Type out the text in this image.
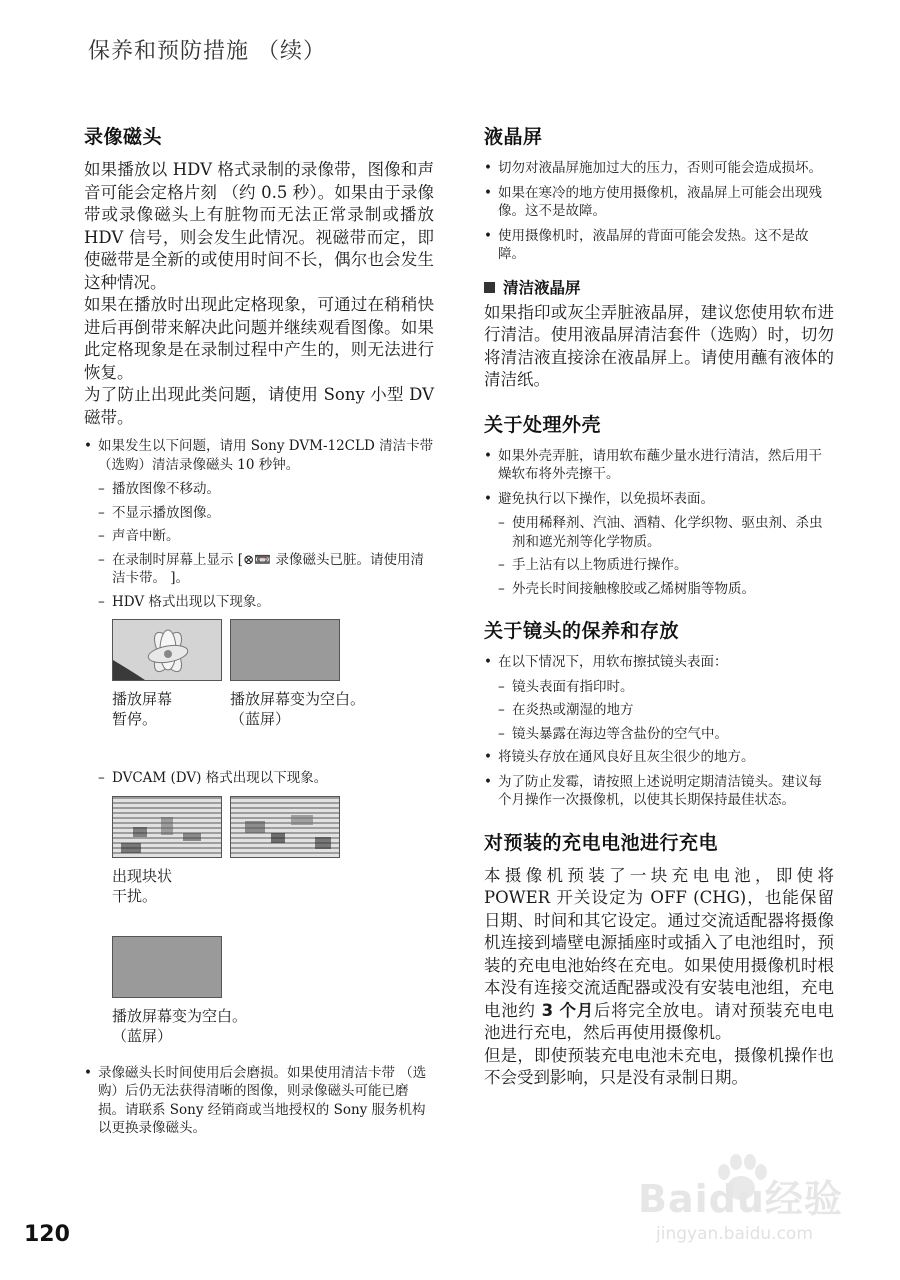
保养和预防措施 （续）
录像磁头

如果播放以 HDV 格式录制的录像带，图像和声音可能会定格片刻 （约 0.5 秒）。如果由于录像带或录像磁头上有脏物而无法正常录制或播放 HDV 信号，则会发生此情况。视磁带而定，即使磁带是全新的或使用时间不长，偶尔也会发生这种情况。

如果在播放时出现此定格现象，可通过在稍稍快进后再倒带来解决此问题并继续观看图像。如果此定格现象是在录制过程中产生的，则无法进行恢复。

为了防止出现此类问题，请使用 Sony 小型 DV 磁带。

• 如果发生以下问题，请用 Sony DVM-12CLD 清洁卡带 （选购）清洁录像磁头 10 秒钟。
– 播放图像不移动。
– 不显示播放图像。
– 声音中断。
– 在录制时屏幕上显示 [⊗📼 录像磁头已脏。请使用清洁卡带。 ]。
– HDV 格式出现以下现象。
播放屏幕
暂停。
播放屏幕变为空白。
（蓝屏）
– DVCAM (DV) 格式出现以下现象。
出现块状
干扰。
播放屏幕变为空白。
（蓝屏）
• 录像磁头长时间使用后会磨损。如果使用清洁卡带 （选购）后仍无法获得清晰的图像，则录像磁头可能已磨损。请联系 Sony 经销商或当地授权的 Sony 服务机构以更换录像磁头。
液晶屏
• 切勿对液晶屏施加过大的压力，否则可能会造成损坏。
• 如果在寒冷的地方使用摄像机，液晶屏上可能会出现残像。这不是故障。
• 使用摄像机时，液晶屏的背面可能会发热。这不是故障。
清洁液晶屏

如果指印或灰尘弄脏液晶屏，建议您使用软布进行清洁。使用液晶屏清洁套件（选购）时，切勿将清洁液直接涂在液晶屏上。请使用蘸有液体的清洁纸。

关于处理外壳
• 如果外壳弄脏，请用软布蘸少量水进行清洁，然后用干燥软布将外壳擦干。
• 避免执行以下操作，以免损坏表面。
– 使用稀释剂、汽油、酒精、化学织物、驱虫剂、杀虫剂和遮光剂等化学物质。
– 手上沾有以上物质进行操作。
– 外壳长时间接触橡胶或乙烯树脂等物质。
关于镜头的保养和存放
• 在以下情况下，用软布擦拭镜头表面：
– 镜头表面有指印时。
– 在炎热或潮湿的地方
– 镜头暴露在海边等含盐份的空气中。
• 将镜头存放在通风良好且灰尘很少的地方。
• 为了防止发霉，请按照上述说明定期清洁镜头。建议每个月操作一次摄像机，以使其长期保持最佳状态。
对预装的充电电池进行充电

本摄像机预装了一块充电电池，即使将 POWER 开关设定为 OFF (CHG)，也能保留日期、时间和其它设定。通过交流适配器将摄像机连接到墙壁电源插座时或插入了电池组时，预装的充电电池始终在充电。如果使用摄像机时根本没有连接交流适配器或没有安装电池组，充电电池约 3 个月后将完全放电。请对预装充电电池进行充电，然后再使用摄像机。

但是，即使预装充电电池未充电，摄像机操作也不会受到影响，只是没有录制日期。

120
Baidu经验
jingyan.baidu.com
